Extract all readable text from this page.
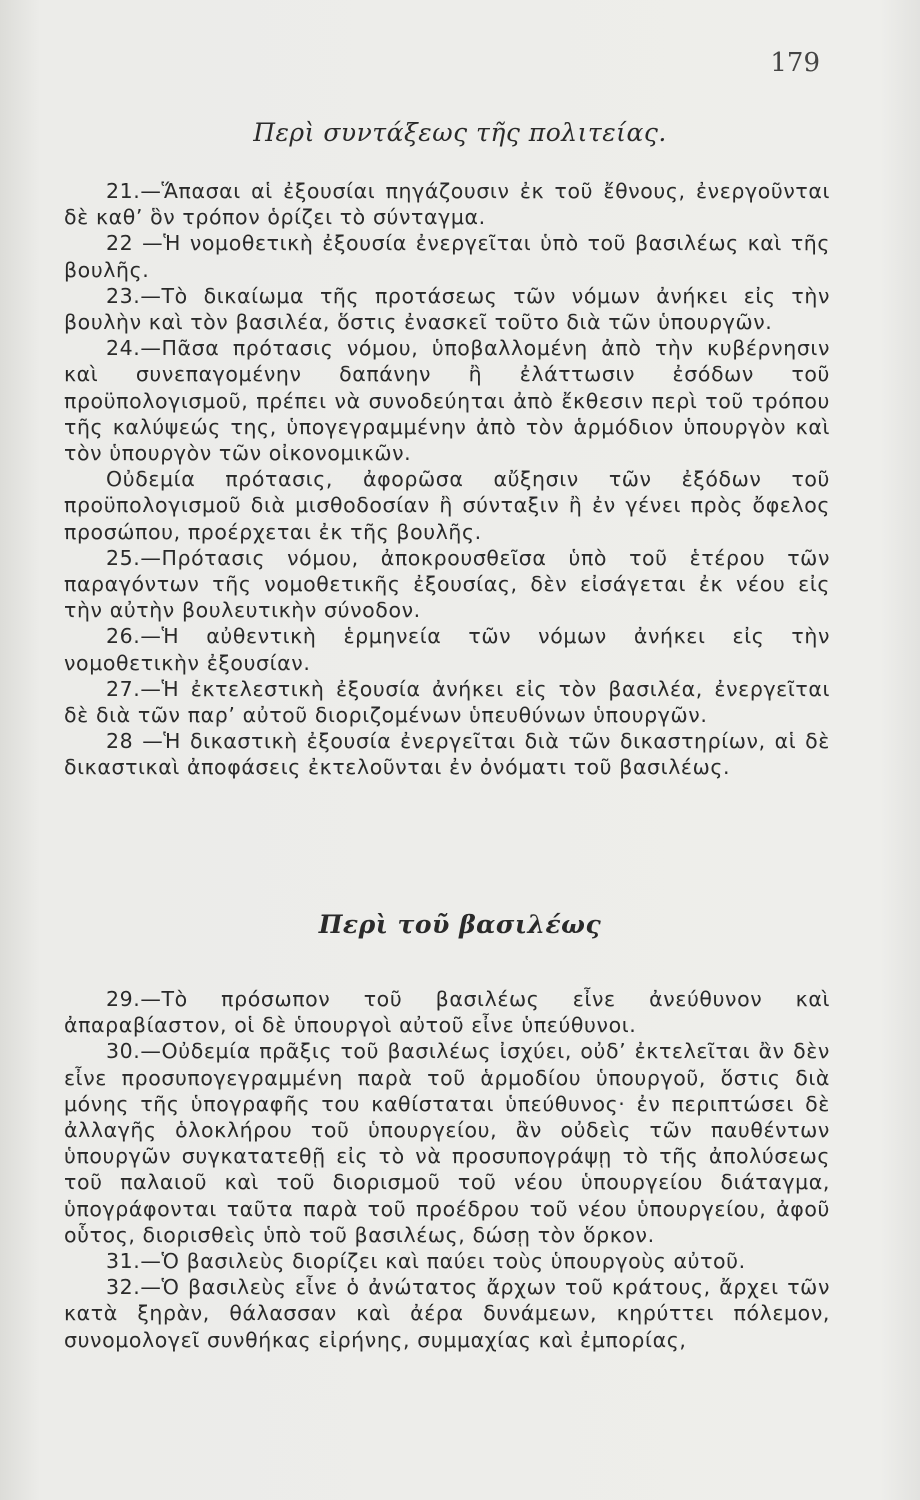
179
Περὶ συντάξεως τῆς πολιτείας.

21.—Ἅπασαι αἱ ἐξουσίαι πηγάζουσιν ἐκ τοῦ ἔθνους, ἐνεργοῦνται δὲ καθ’ ὃν τρόπον ὁρίζει τὸ σύνταγμα.

22 —Ἡ νομοθετικὴ ἐξουσία ἐνεργεῖται ὑπὸ τοῦ βασιλέως καὶ τῆς βουλῆς.

23.—Τὸ δικαίωμα τῆς προτάσεως τῶν νόμων ἀνήκει εἰς τὴν βουλὴν καὶ τὸν βασιλέα, ὅστις ἐνασκεῖ τοῦτο διὰ τῶν ὑπουργῶν.

24.—Πᾶσα πρότασις νόμου, ὑποβαλλομένη ἀπὸ τὴν κυβέρνησιν καὶ συνεπαγομένην δαπάνην ἢ ἐλάττωσιν ἐσόδων τοῦ προϋπολογισμοῦ, πρέπει νὰ συνοδεύηται ἀπὸ ἔκθεσιν περὶ τοῦ τρόπου τῆς καλύψεώς της, ὑπογεγραμμένην ἀπὸ τὸν ἁρμόδιον ὑπουργὸν καὶ τὸν ὑπουργὸν τῶν οἰκονομικῶν.

Οὐδεμία πρότασις, ἀφορῶσα αὔξησιν τῶν ἐξόδων τοῦ προϋπολογισμοῦ διὰ μισθοδοσίαν ἢ σύνταξιν ἢ ἐν γένει πρὸς ὄφελος προσώπου, προέρχεται ἐκ τῆς βουλῆς.

25.—Πρότασις νόμου, ἀποκρουσθεῖσα ὑπὸ τοῦ ἑτέρου τῶν παραγόντων τῆς νομοθετικῆς ἐξουσίας, δὲν εἰσάγεται ἐκ νέου εἰς τὴν αὐτὴν βουλευτικὴν σύνοδον.

26.—Ἡ αὐθεντικὴ ἑρμηνεία τῶν νόμων ἀνήκει εἰς τὴν νομοθετικὴν ἐξουσίαν.

27.—Ἡ ἐκτελεστικὴ ἐξουσία ἀνήκει εἰς τὸν βασιλέα, ἐνεργεῖται δὲ διὰ τῶν παρ’ αὐτοῦ διοριζομένων ὑπευθύνων ὑπουργῶν.

28 —Ἡ δικαστικὴ ἐξουσία ἐνεργεῖται διὰ τῶν δικαστηρίων, αἱ δὲ δικαστικαὶ ἀποφάσεις ἐκτελοῦνται ἐν ὀνόματι τοῦ βασιλέως.

Περὶ τοῦ βασιλέως

29.—Τὸ πρόσωπον τοῦ βασιλέως εἶνε ἀνεύθυνον καὶ ἀπαραβίαστον, οἱ δὲ ὑπουργοὶ αὐτοῦ εἶνε ὑπεύθυνοι.

30.—Οὐδεμία πρᾶξις τοῦ βασιλέως ἰσχύει, οὐδ’ ἐκτελεῖται ἂν δὲν εἶνε προσυπογεγραμμένη παρὰ τοῦ ἁρμοδίου ὑπουργοῦ, ὅστις διὰ μόνης τῆς ὑπογραφῆς του καθίσταται ὑπεύθυνος· ἐν περιπτώσει δὲ ἀλλαγῆς ὁλοκλήρου τοῦ ὑπουργείου, ἂν οὐδεὶς τῶν παυθέντων ὑπουργῶν συγκατατεθῇ εἰς τὸ νὰ προσυπογράψῃ τὸ τῆς ἀπολύσεως τοῦ παλαιοῦ καὶ τοῦ διορισμοῦ τοῦ νέου ὑπουργείου διάταγμα, ὑπογράφονται ταῦτα παρὰ τοῦ προέδρου τοῦ νέου ὑπουργείου, ἀφοῦ οὗτος, διορισθεὶς ὑπὸ τοῦ βασιλέως, δώσῃ τὸν ὅρκον.

31.—Ὁ βασιλεὺς διορίζει καὶ παύει τοὺς ὑπουργοὺς αὐτοῦ.

32.—Ὁ βασιλεὺς εἶνε ὁ ἀνώτατος ἄρχων τοῦ κράτους, ἄρχει τῶν κατὰ ξηρὰν, θάλασσαν καὶ ἀέρα δυνάμεων, κηρύττει πόλεμον, συνομολογεῖ συνθήκας εἰρήνης, συμμαχίας καὶ ἐμπορίας,
